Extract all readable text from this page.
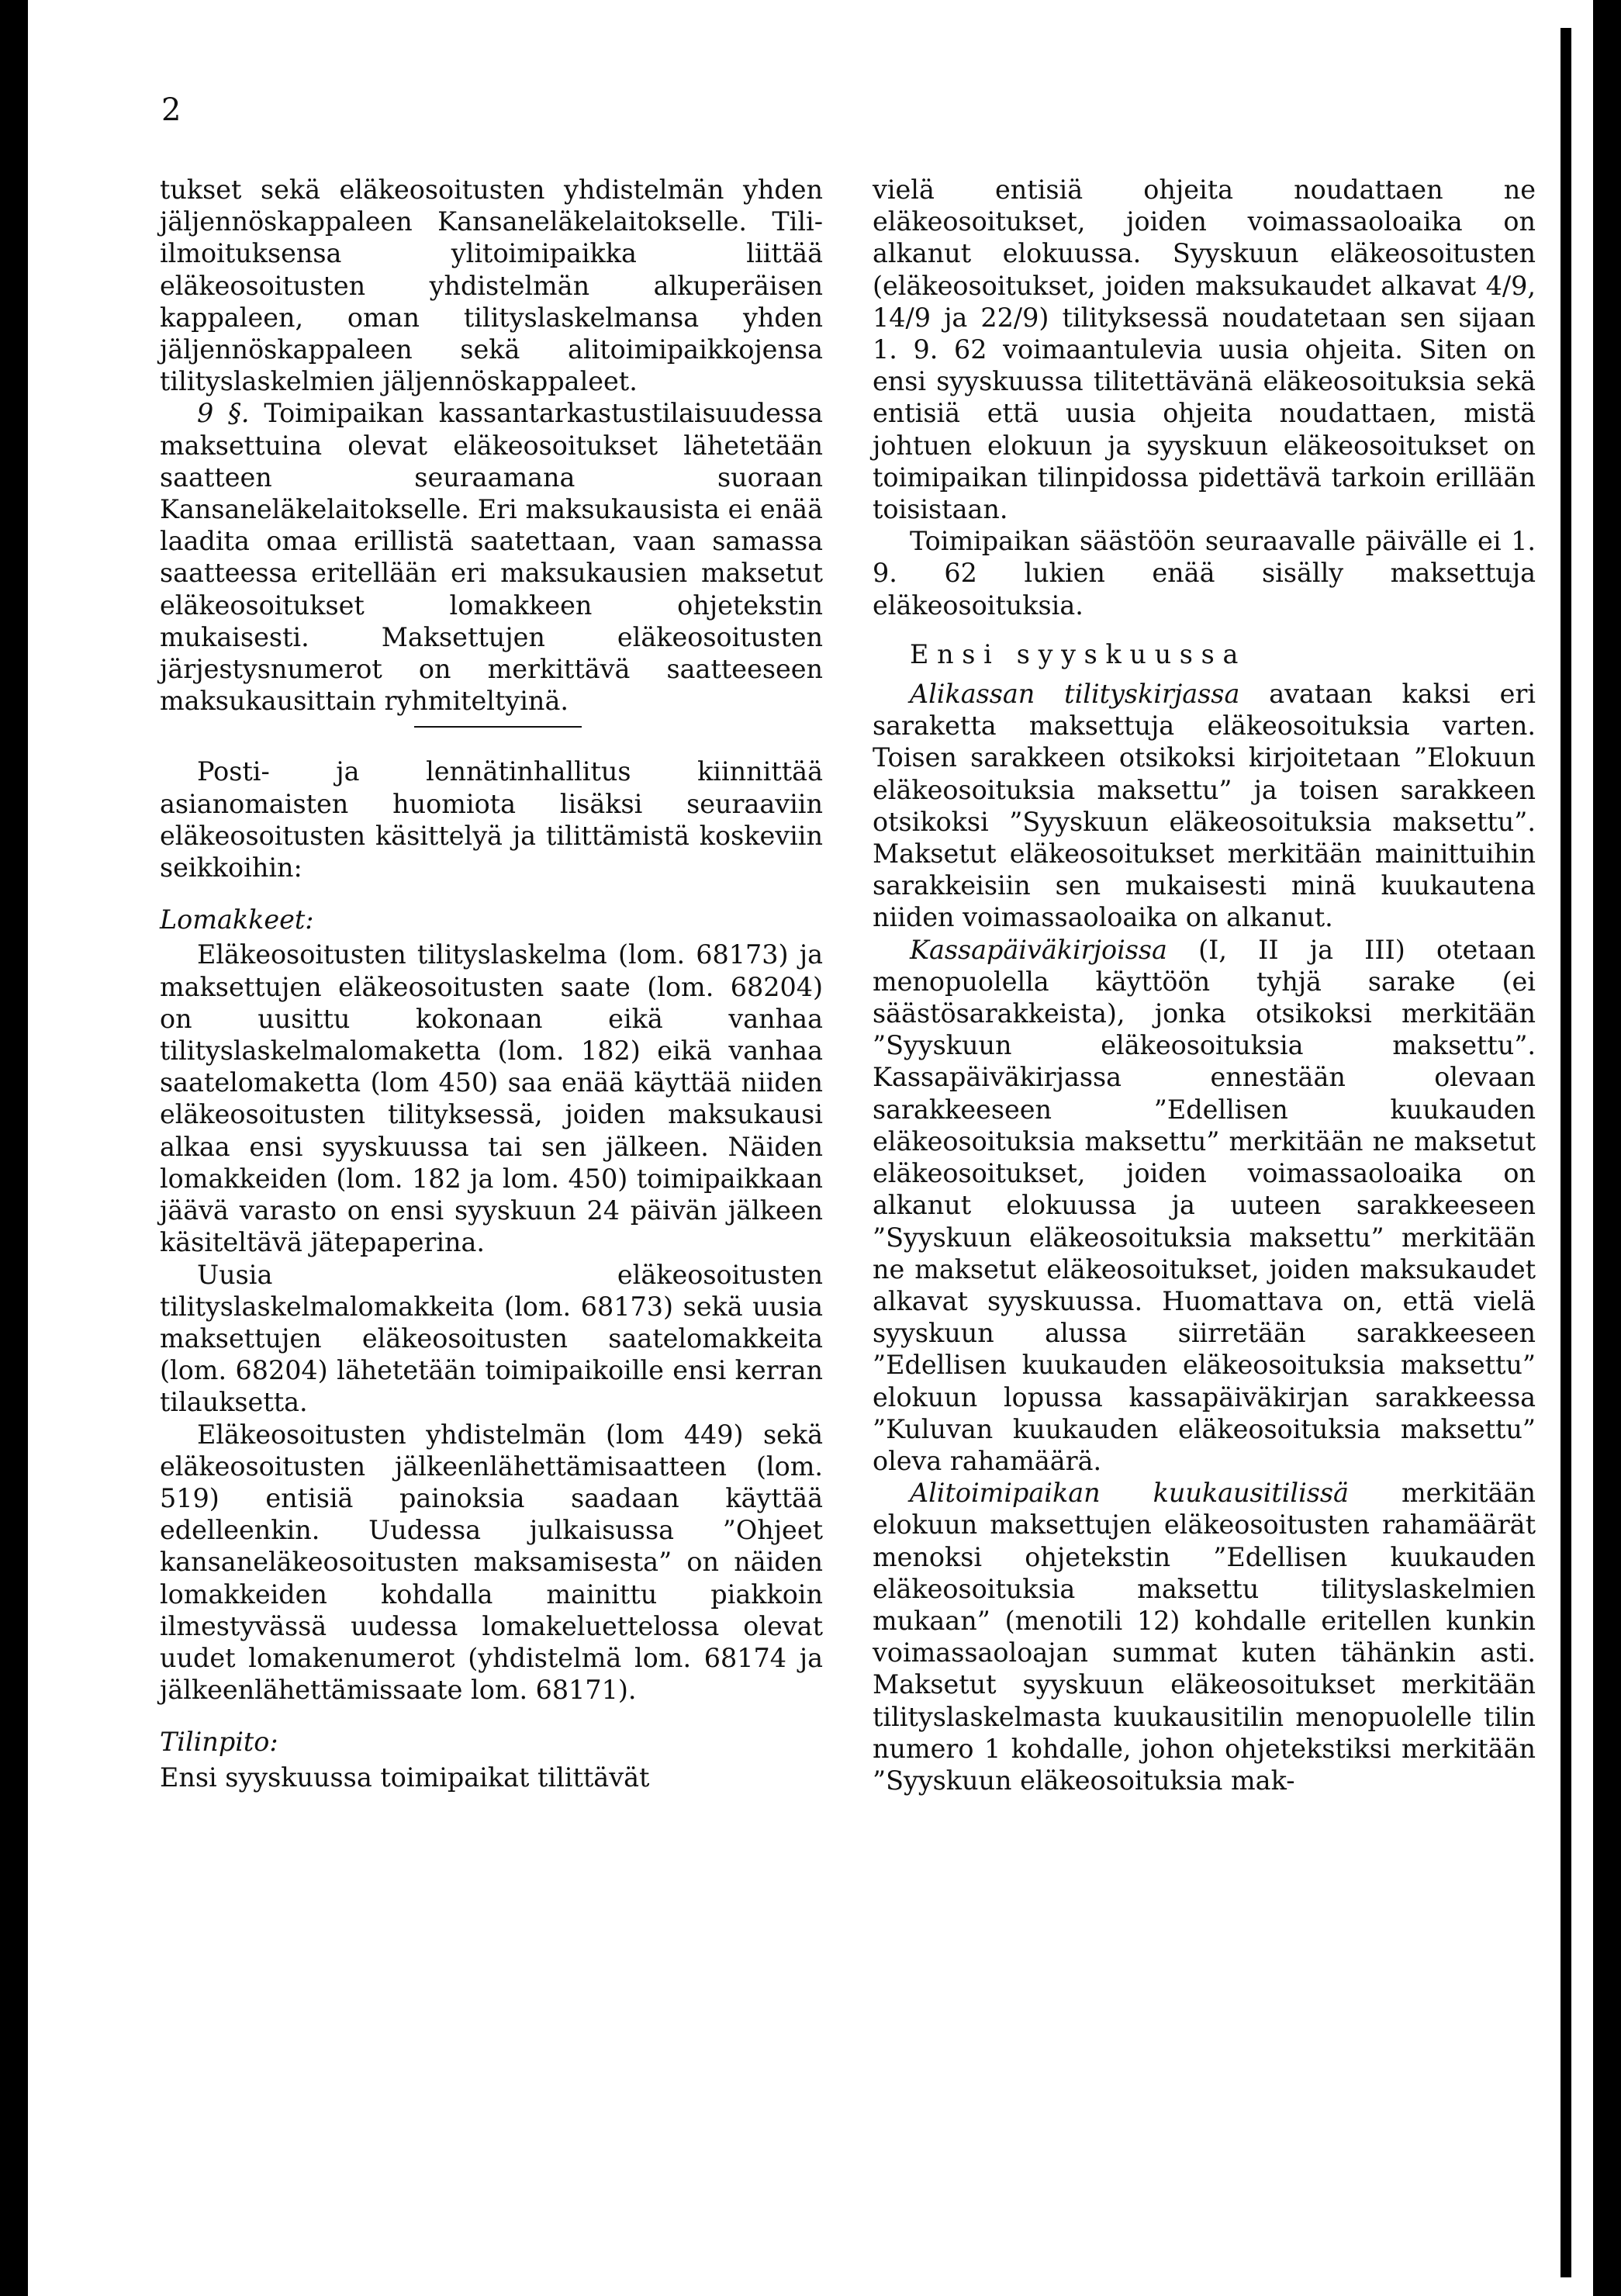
2

tukset sekä eläkeosoitusten yhdistelmän yhden jäljennöskappaleen Kansaneläkelaitokselle. Tili-ilmoituksensa ylitoimipaikka liittää eläkeosoitusten yhdistelmän alkuperäisen kappaleen, oman tilityslaskelmansa yhden jäljennöskappaleen sekä alitoimipaikkojensa tilityslaskelmien jäljennöskappaleet.

9 §. Toimipaikan kassantarkastustilaisuudessa maksettuina olevat eläkeosoitukset lähetetään saatteen seuraamana suoraan Kansaneläkelaitokselle. Eri maksukausista ei enää laadita omaa erillistä saatettaan, vaan samassa saatteessa eritellään eri maksukausien maksetut eläkeosoitukset lomakkeen ohjetekstin mukaisesti. Maksettujen eläkeosoitusten järjestysnumerot on merkittävä saatteeseen maksukausittain ryhmiteltyinä.

Posti- ja lennätinhallitus kiinnittää asianomaisten huomiota lisäksi seuraaviin eläkeosoitusten käsittelyä ja tilittämistä koskeviin seikkoihin:

Lomakkeet:

Eläkeosoitusten tilityslaskelma (lom. 68173) ja maksettujen eläkeosoitusten saate (lom. 68204) on uusittu kokonaan eikä vanhaa tilityslaskelmalomaketta (lom. 182) eikä vanhaa saatelomaketta (lom 450) saa enää käyttää niiden eläkeosoitusten tilityksessä, joiden maksukausi alkaa ensi syyskuussa tai sen jälkeen. Näiden lomakkeiden (lom. 182 ja lom. 450) toimipaikkaan jäävä varasto on ensi syyskuun 24 päivän jälkeen käsiteltävä jätepaperina.

Uusia eläkeosoitusten tilityslaskelmalomakkeita (lom. 68173) sekä uusia maksettujen eläkeosoitusten saatelomakkeita (lom. 68204) lähetetään toimipaikoille ensi kerran tilauksetta.

Eläkeosoitusten yhdistelmän (lom 449) sekä eläkeosoitusten jälkeenlähettämisaatteen (lom. 519) entisiä painoksia saadaan käyttää edelleenkin. Uudessa julkaisussa ”Ohjeet kansaneläkeosoitusten maksamisesta” on näiden lomakkeiden kohdalla mainittu piakkoin ilmestyvässä uudessa lomakeluettelossa olevat uudet lomakenumerot (yhdistelmä lom. 68174 ja jälkeenlähettämissaate lom. 68171).

Tilinpito:

Ensi syyskuussa toimipaikat tilittävät

vielä entisiä ohjeita noudattaen ne eläkeosoitukset, joiden voimassaoloaika on alkanut elokuussa. Syyskuun eläkeosoitusten (eläkeosoitukset, joiden maksukaudet alkavat 4/9, 14/9 ja 22/9) tilityksessä noudatetaan sen sijaan 1. 9. 62 voimaantulevia uusia ohjeita. Siten on ensi syyskuussa tilitettävänä eläkeosoituksia sekä entisiä että uusia ohjeita noudattaen, mistä johtuen elokuun ja syyskuun eläkeosoitukset on toimipaikan tilinpidossa pidettävä tarkoin erillään toisistaan.

Toimipaikan säästöön seuraavalle päivälle ei 1. 9. 62 lukien enää sisälly maksettuja eläkeosoituksia.

Ensi syyskuussa

Alikassan tilityskirjassa avataan kaksi eri saraketta maksettuja eläkeosoituksia varten. Toisen sarakkeen otsikoksi kirjoitetaan ”Elokuun eläkeosoituksia maksettu” ja toisen sarakkeen otsikoksi ”Syyskuun eläkeosoituksia maksettu”. Maksetut eläkeosoitukset merkitään mainittuihin sarakkeisiin sen mukaisesti minä kuukautena niiden voimassaoloaika on alkanut.

Kassapäiväkirjoissa (I, II ja III) otetaan menopuolella käyttöön tyhjä sarake (ei säästösarakkeista), jonka otsikoksi merkitään ”Syyskuun eläkeosoituksia maksettu”. Kassapäiväkirjassa ennestään olevaan sarakkeeseen ”Edellisen kuukauden eläkeosoituksia maksettu” merkitään ne maksetut eläkeosoitukset, joiden voimassaoloaika on alkanut elokuussa ja uuteen sarakkeeseen ”Syyskuun eläkeosoituksia maksettu” merkitään ne maksetut eläkeosoitukset, joiden maksukaudet alkavat syyskuussa. Huomattava on, että vielä syyskuun alussa siirretään sarakkeeseen ”Edellisen kuukauden eläkeosoituksia maksettu” elokuun lopussa kassapäiväkirjan sarakkeessa ”Kuluvan kuukauden eläkeosoituksia maksettu” oleva rahamäärä.

Alitoimipaikan kuukausitilissä merkitään elokuun maksettujen eläkeosoitusten rahamäärät menoksi ohjetekstin ”Edellisen kuukauden eläkeosoituksia maksettu tilityslaskelmien mukaan” (menotili 12) kohdalle eritellen kunkin voimassaoloajan summat kuten tähänkin asti. Maksetut syyskuun eläkeosoitukset merkitään tilityslaskelmasta kuukausitilin menopuolelle tilin numero 1 kohdalle, johon ohjetekstiksi merkitään ”Syyskuun eläkeosoituksia mak-
